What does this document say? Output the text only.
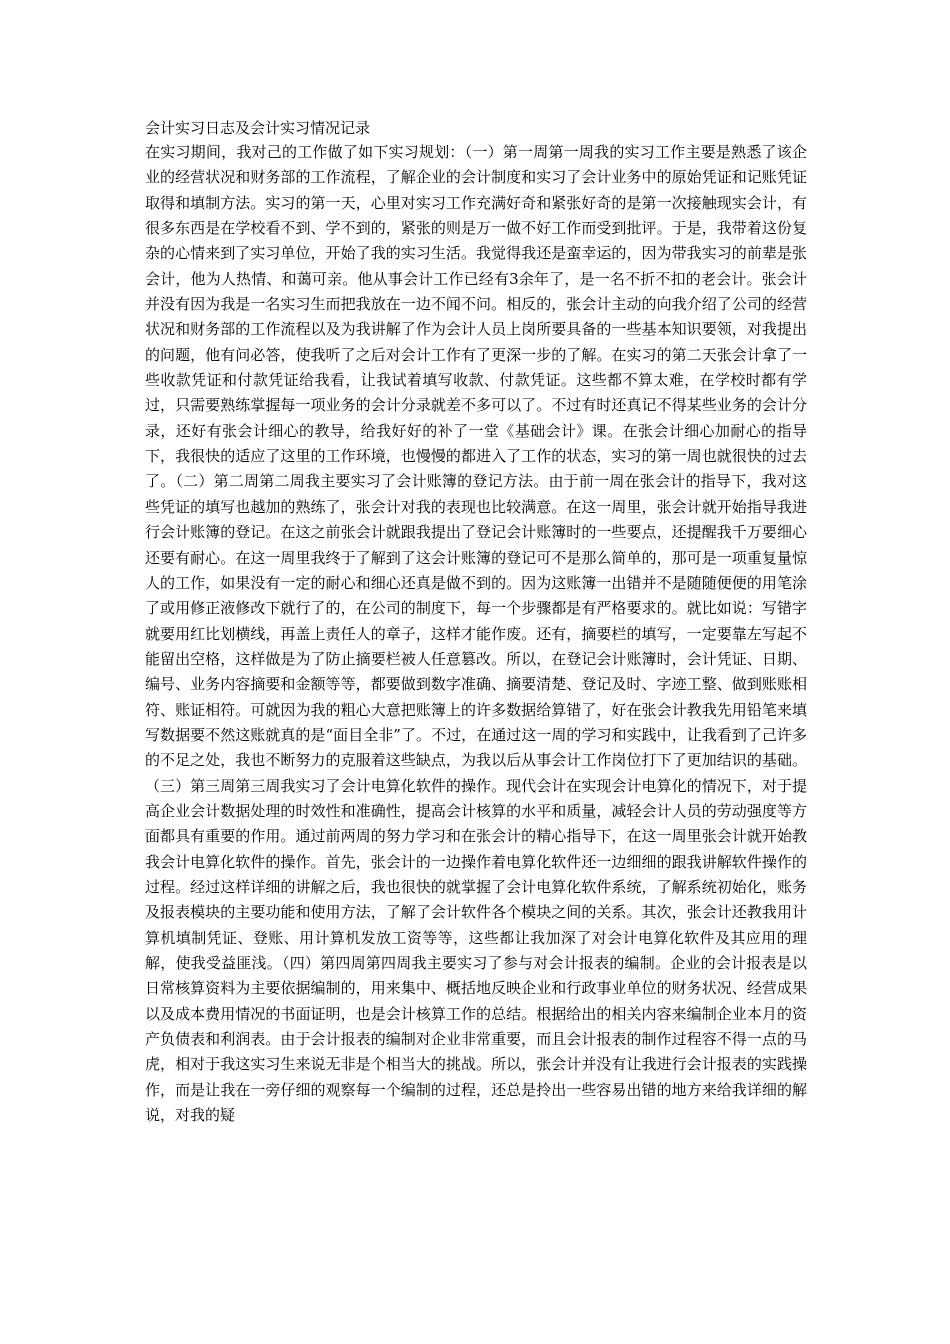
会计实习日志及会计实习情况记录

在实习期间，我对己的工作做了如下实习规划：（一）第一周第一周我的实习工作主要是熟悉了该企业的经营状况和财务部的工作流程，了解企业的会计制度和实习了会计业务中的原始凭证和记账凭证取得和填制方法。实习的第一天，心里对实习工作充满好奇和紧张好奇的是第一次接触现实会计，有很多东西是在学校看不到、学不到的，紧张的则是万一做不好工作而受到批评。于是，我带着这份复杂的心情来到了实习单位，开始了我的实习生活。我觉得我还是蛮幸运的，因为带我实习的前辈是张会计，他为人热情、和蔼可亲。他从事会计工作已经有3余年了，是一名不折不扣的老会计。张会计并没有因为我是一名实习生而把我放在一边不闻不问。相反的，张会计主动的向我介绍了公司的经营状况和财务部的工作流程以及为我讲解了作为会计人员上岗所要具备的一些基本知识要领，对我提出的问题，他有问必答，使我听了之后对会计工作有了更深一步的了解。在实习的第二天张会计拿了一些收款凭证和付款凭证给我看，让我试着填写收款、付款凭证。这些都不算太难，在学校时都有学过，只需要熟练掌握每一项业务的会计分录就差不多可以了。不过有时还真记不得某些业务的会计分录，还好有张会计细心的教导，给我好好的补了一堂《基础会计》课。在张会计细心加耐心的指导下，我很快的适应了这里的工作环境，也慢慢的都进入了工作的状态，实习的第一周也就很快的过去了。（二）第二周第二周我主要实习了会计账簿的登记方法。由于前一周在张会计的指导下，我对这些凭证的填写也越加的熟练了，张会计对我的表现也比较满意。在这一周里，张会计就开始指导我进行会计账簿的登记。在这之前张会计就跟我提出了登记会计账簿时的一些要点，还提醒我千万要细心还要有耐心。在这一周里我终于了解到了这会计账簿的登记可不是那么简单的，那可是一项重复量惊人的工作，如果没有一定的耐心和细心还真是做不到的。因为这账簿一出错并不是随随便便的用笔涂了或用修正液修改下就行了的，在公司的制度下，每一个步骤都是有严格要求的。就比如说：写错字就要用红比划横线，再盖上责任人的章子，这样才能作废。还有，摘要栏的填写，一定要靠左写起不能留出空格，这样做是为了防止摘要栏被人任意篡改。所以，在登记会计账簿时，会计凭证、日期、编号、业务内容摘要和金额等等，都要做到数字准确、摘要清楚、登记及时、字迹工整、做到账账相符、账证相符。可就因为我的粗心大意把账簿上的许多数据给算错了，好在张会计教我先用铅笔来填写数据要不然这账就真的是“面目全非”了。不过，在通过这一周的学习和实践中，让我看到了己许多的不足之处，我也不断努力的克服着这些缺点，为我以后从事会计工作岗位打下了更加结识的基础。（三）第三周第三周我实习了会计电算化软件的操作。现代会计在实现会计电算化的情况下，对于提高企业会计数据处理的时效性和准确性，提高会计核算的水平和质量，减轻会计人员的劳动强度等方面都具有重要的作用。通过前两周的努力学习和在张会计的精心指导下，在这一周里张会计就开始教我会计电算化软件的操作。首先，张会计的一边操作着电算化软件还一边细细的跟我讲解软件操作的过程。经过这样详细的讲解之后，我也很快的就掌握了会计电算化软件系统，了解系统初始化，账务及报表模块的主要功能和使用方法，了解了会计软件各个模块之间的关系。其次，张会计还教我用计算机填制凭证、登账、用计算机发放工资等等，这些都让我加深了对会计电算化软件及其应用的理解，使我受益匪浅。（四）第四周第四周我主要实习了参与对会计报表的编制。企业的会计报表是以日常核算资料为主要依据编制的，用来集中、概括地反映企业和行政事业单位的财务状况、经营成果以及成本费用情况的书面证明，也是会计核算工作的总结。根据给出的相关内容来编制企业本月的资产负债表和利润表。由于会计报表的编制对企业非常重要，而且会计报表的制作过程容不得一点的马虎，相对于我这实习生来说无非是个相当大的挑战。所以，张会计并没有让我进行会计报表的实践操作，而是让我在一旁仔细的观察每一个编制的过程，还总是拎出一些容易出错的地方来给我详细的解说，对我的疑
